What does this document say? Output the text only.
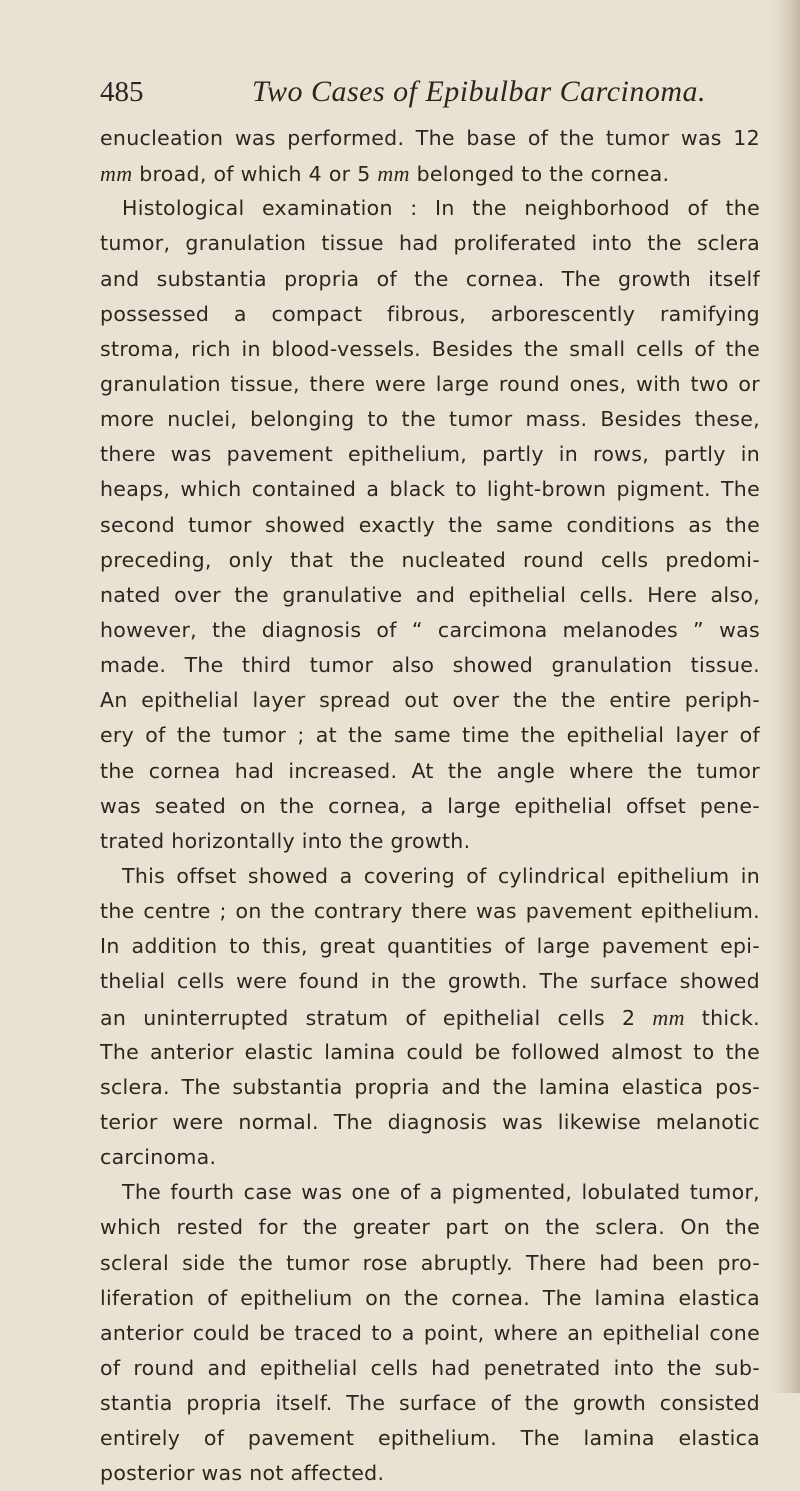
485	Two Cases of Epibulbar Carcinoma.
enucleation was performed. The base of the tumor was 12
mm broad, of which 4 or 5 mm belonged to the cornea.
Histological examination : In the neighborhood of the
tumor, granulation tissue had proliferated into the sclera
and substantia propria of the cornea. The growth itself
possessed a compact fibrous, arborescently ramifying
stroma, rich in blood-vessels. Besides the small cells of the
granulation tissue, there were large round ones, with two or
more nuclei, belonging to the tumor mass. Besides these,
there was pavement epithelium, partly in rows, partly in
heaps, which contained a black to light-brown pigment. The
second tumor showed exactly the same conditions as the
preceding, only that the nucleated round cells predomi-
nated over the granulative and epithelial cells. Here also,
however, the diagnosis of “ carcimona melanodes ” was
made. The third tumor also showed granulation tissue.
An epithelial layer spread out over the the entire periph-
ery of the tumor ; at the same time the epithelial layer of
the cornea had increased. At the angle where the tumor
was seated on the cornea, a large epithelial offset pene-
trated horizontally into the growth.
This offset showed a covering of cylindrical epithelium in
the centre ; on the contrary there was pavement epithelium.
In addition to this, great quantities of large pavement epi-
thelial cells were found in the growth. The surface showed
an uninterrupted stratum of epithelial cells 2 mm thick.
The anterior elastic lamina could be followed almost to the
sclera. The substantia propria and the lamina elastica pos-
terior were normal. The diagnosis was likewise melanotic
carcinoma.
The fourth case was one of a pigmented, lobulated tumor,
which rested for the greater part on the sclera. On the
scleral side the tumor rose abruptly. There had been pro-
liferation of epithelium on the cornea. The lamina elastica
anterior could be traced to a point, where an epithelial cone
of round and epithelial cells had penetrated into the sub-
stantia propria itself. The surface of the growth consisted
entirely of pavement epithelium. The lamina elastica
posterior was not affected.
